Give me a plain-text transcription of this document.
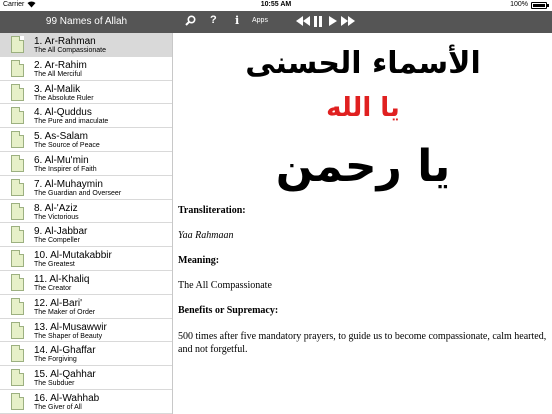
Carrier	10:55 AM	100%
99 Names of Allah	? i Apps
1. Ar-Rahman
The All Compassionate
2. Ar-Rahim
The All Merciful
3. Al-Malik
The Absolute Ruler
4. Al-Quddus
The Pure and imaculate
5. As-Salam
The Source of Peace
6. Al-Mu'min
The Inspirer of Faith
7. Al-Muhaymin
The Guardian and Overseer
8. Al-'Aziz
The Victorious
9. Al-Jabbar
The Compeller
10. Al-Mutakabbir
The Greatest
11. Al-Khaliq
The Creator
12. Al-Bari'
The Maker of Order
13. Al-Musawwir
The Shaper of Beauty
14. Al-Ghaffar
The Forgiving
15. Al-Qahhar
The Subduer
16. Al-Wahhab
The Giver of All
الأسماء الحسنى
يا الله
يا رحمن
Transliteration:
Yaa Rahmaan
Meaning:
The All Compassionate
Benefits or Supremacy:

500 times after five mandatory prayers, to guide us to become compassionate, calm hearted, and not forgetful.
